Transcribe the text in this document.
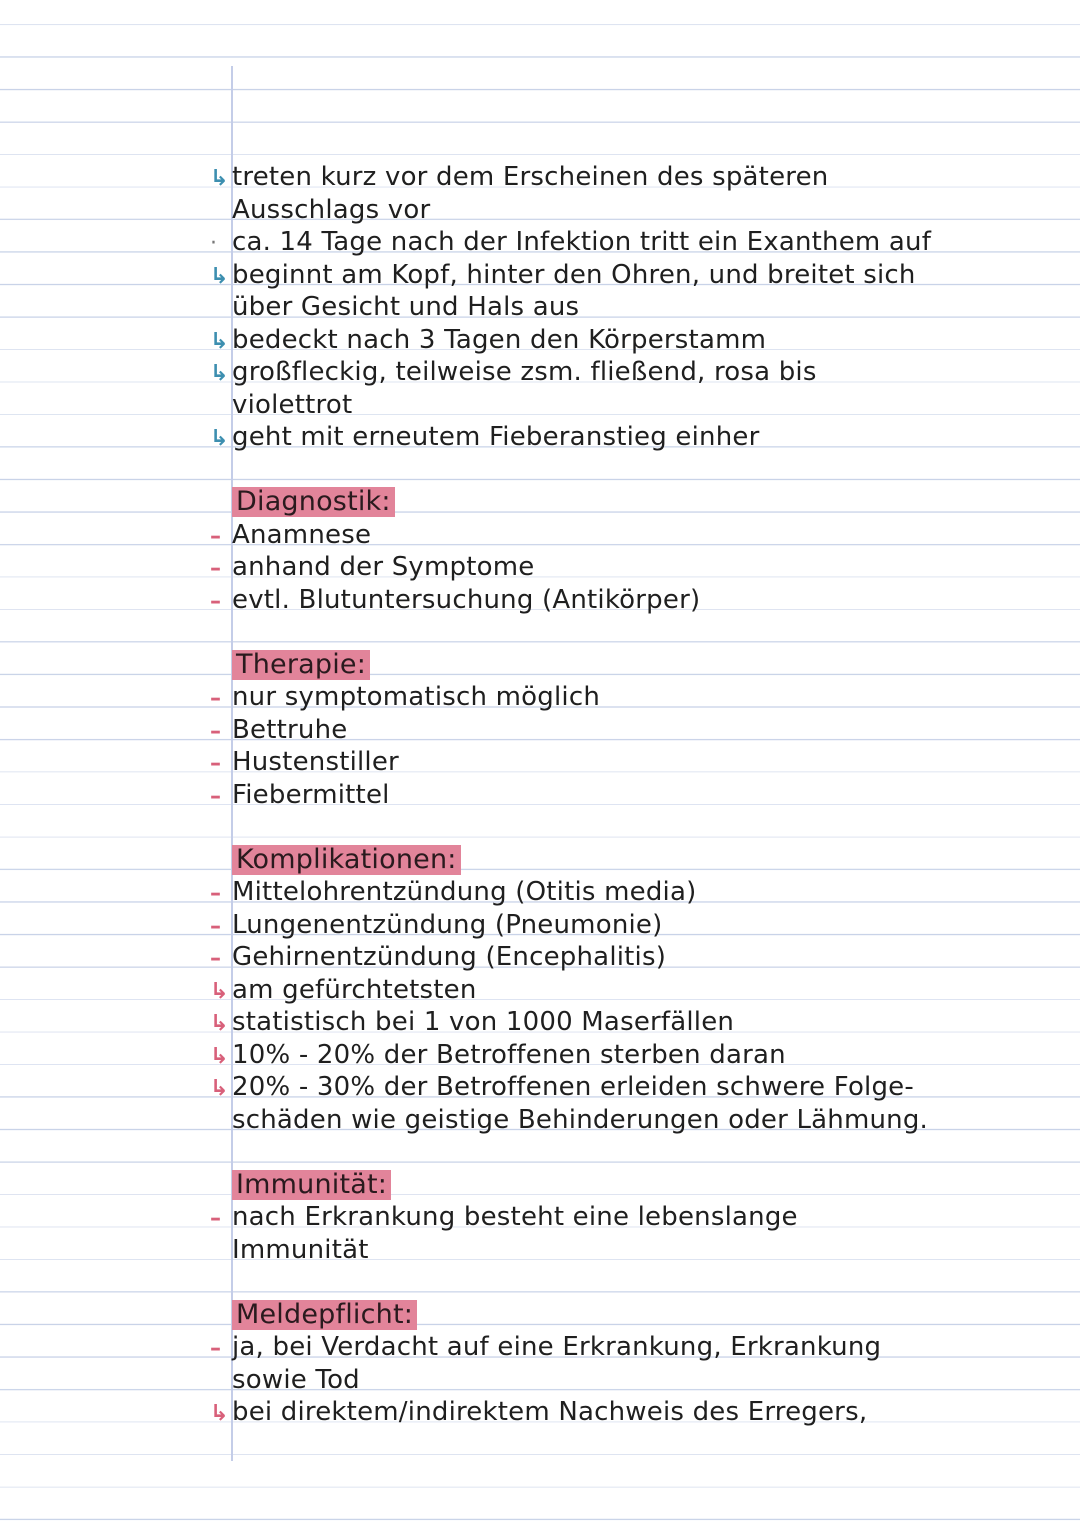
↳ treten kurz vor dem Erscheinen des späteren
Ausschlags vor
· ca. 14 Tage nach der Infektion tritt ein Exanthem auf
↳ beginnt am Kopf, hinter den Ohren, und breitet sich
über Gesicht und Hals aus
↳ bedeckt nach 3 Tagen den Körperstamm
↳ großfleckig, teilweise zsm. fließend, rosa bis
violettrot
↳ geht mit erneutem Fieberanstieg einher
Diagnostik:
– Anamnese
– anhand der Symptome
– evtl. Blutuntersuchung (Antikörper)
Therapie:
– nur symptomatisch möglich
– Bettruhe
– Hustenstiller
– Fiebermittel
Komplikationen:
– Mittelohrentzündung (Otitis media)
– Lungenentzündung (Pneumonie)
– Gehirnentzündung (Encephalitis)
↳ am gefürchtetsten
↳ statistisch bei 1 von 1000 Maserfällen
↳ 10% - 20% der Betroffenen sterben daran
↳ 20% - 30% der Betroffenen erleiden schwere Folge-
schäden wie geistige Behinderungen oder Lähmung.
Immunität:
– nach Erkrankung besteht eine lebenslange
Immunität
Meldepflicht:
– ja, bei Verdacht auf eine Erkrankung, Erkrankung
sowie Tod
↳ bei direktem/indirektem Nachweis des Erregers,
